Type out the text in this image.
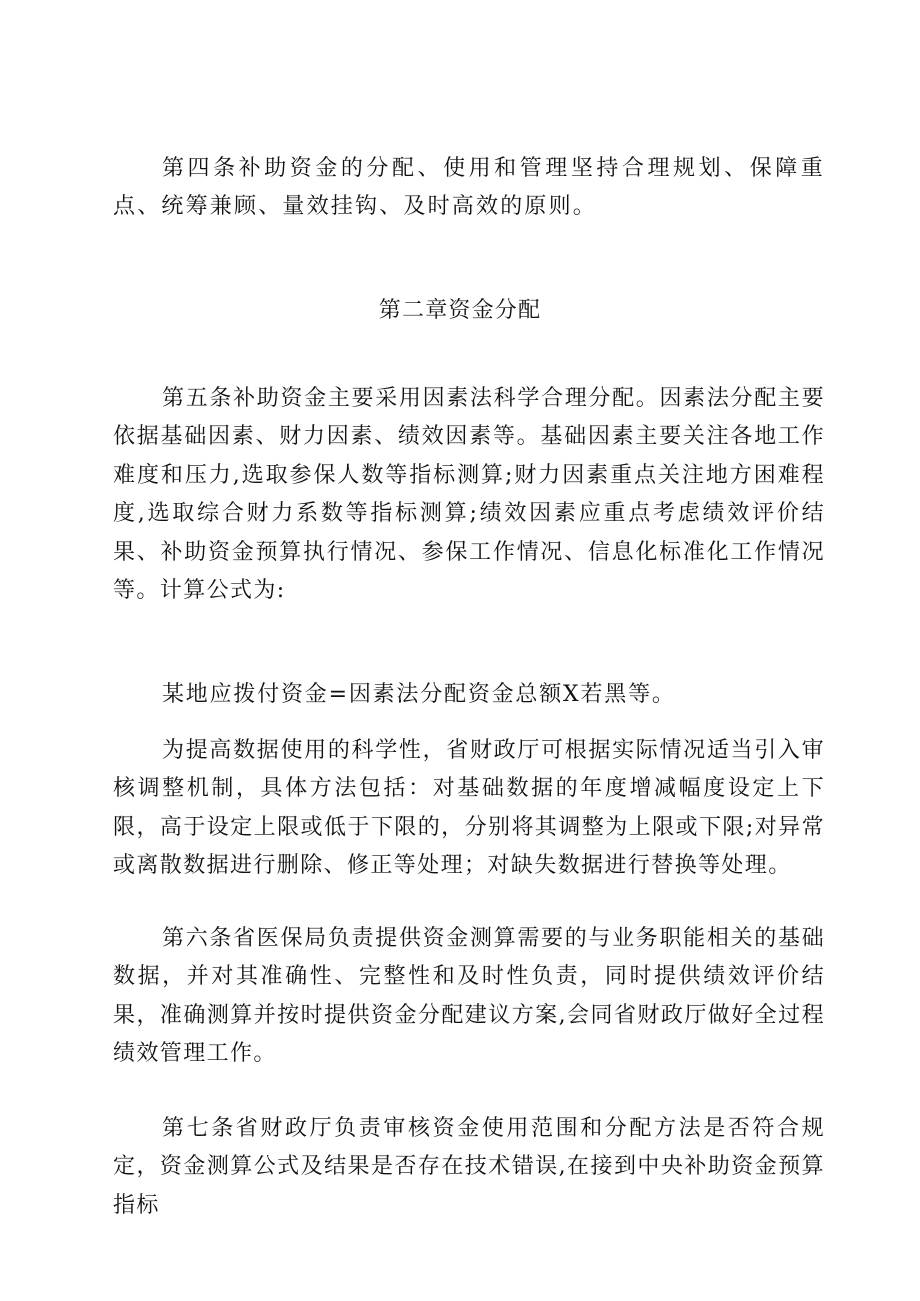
第四条补助资金的分配、使用和管理坚持合理规划、保障重点、统筹兼顾、量效挂钩、及时高效的原则。

第二章资金分配

第五条补助资金主要采用因素法科学合理分配。因素法分配主要依据基础因素、财力因素、绩效因素等。基础因素主要关注各地工作难度和压力,选取参保人数等指标测算;财力因素重点关注地方困难程度,选取综合财力系数等指标测算;绩效因素应重点考虑绩效评价结果、补助资金预算执行情况、参保工作情况、信息化标准化工作情况等。计算公式为:

某地应拨付资金=因素法分配资金总额X若黑等。

为提高数据使用的科学性，省财政厅可根据实际情况适当引入审核调整机制，具体方法包括：对基础数据的年度增减幅度设定上下限，高于设定上限或低于下限的，分别将其调整为上限或下限;对异常或离散数据进行删除、修正等处理；对缺失数据进行替换等处理。

第六条省医保局负责提供资金测算需要的与业务职能相关的基础数据，并对其准确性、完整性和及时性负责，同时提供绩效评价结果，准确测算并按时提供资金分配建议方案,会同省财政厅做好全过程绩效管理工作。

第七条省财政厅负责审核资金使用范围和分配方法是否符合规定，资金测算公式及结果是否存在技术错误,在接到中央补助资金预算指标
